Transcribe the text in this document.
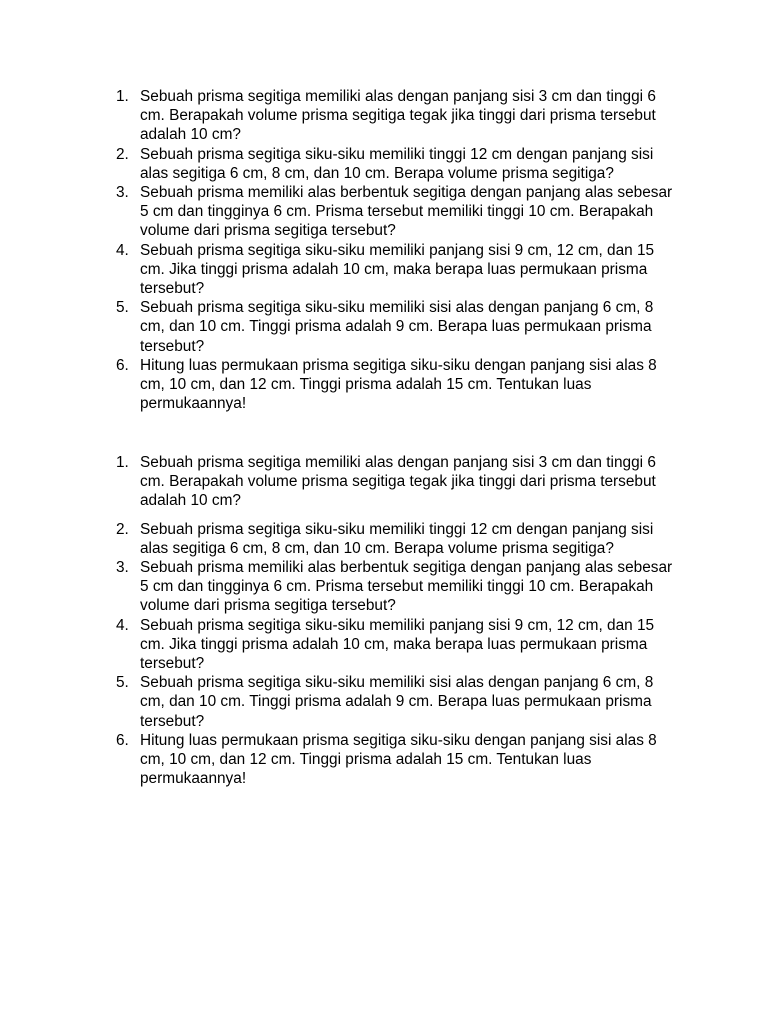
1. Sebuah prisma segitiga memiliki alas dengan panjang sisi 3 cm dan tinggi 6
cm. Berapakah volume prisma segitiga tegak jika tinggi dari prisma tersebut
adalah 10 cm?
2. Sebuah prisma segitiga siku-siku memiliki tinggi 12 cm dengan panjang sisi
alas segitiga 6 cm, 8 cm, dan 10 cm. Berapa volume prisma segitiga?
3. Sebuah prisma memiliki alas berbentuk segitiga dengan panjang alas sebesar
5 cm dan tingginya 6 cm. Prisma tersebut memiliki tinggi 10 cm. Berapakah
volume dari prisma segitiga tersebut?
4. Sebuah prisma segitiga siku-siku memiliki panjang sisi 9 cm, 12 cm, dan 15
cm. Jika tinggi prisma adalah 10 cm, maka berapa luas permukaan prisma
tersebut?
5. Sebuah prisma segitiga siku-siku memiliki sisi alas dengan panjang 6 cm, 8
cm, dan 10 cm. Tinggi prisma adalah 9 cm. Berapa luas permukaan prisma
tersebut?
6. Hitung luas permukaan prisma segitiga siku-siku dengan panjang sisi alas 8
cm, 10 cm, dan 12 cm. Tinggi prisma adalah 15 cm. Tentukan luas
permukaannya!
1. Sebuah prisma segitiga memiliki alas dengan panjang sisi 3 cm dan tinggi 6
cm. Berapakah volume prisma segitiga tegak jika tinggi dari prisma tersebut
adalah 10 cm?
2. Sebuah prisma segitiga siku-siku memiliki tinggi 12 cm dengan panjang sisi
alas segitiga 6 cm, 8 cm, dan 10 cm. Berapa volume prisma segitiga?
3. Sebuah prisma memiliki alas berbentuk segitiga dengan panjang alas sebesar
5 cm dan tingginya 6 cm. Prisma tersebut memiliki tinggi 10 cm. Berapakah
volume dari prisma segitiga tersebut?
4. Sebuah prisma segitiga siku-siku memiliki panjang sisi 9 cm, 12 cm, dan 15
cm. Jika tinggi prisma adalah 10 cm, maka berapa luas permukaan prisma
tersebut?
5. Sebuah prisma segitiga siku-siku memiliki sisi alas dengan panjang 6 cm, 8
cm, dan 10 cm. Tinggi prisma adalah 9 cm. Berapa luas permukaan prisma
tersebut?
6. Hitung luas permukaan prisma segitiga siku-siku dengan panjang sisi alas 8
cm, 10 cm, dan 12 cm. Tinggi prisma adalah 15 cm. Tentukan luas
permukaannya!
